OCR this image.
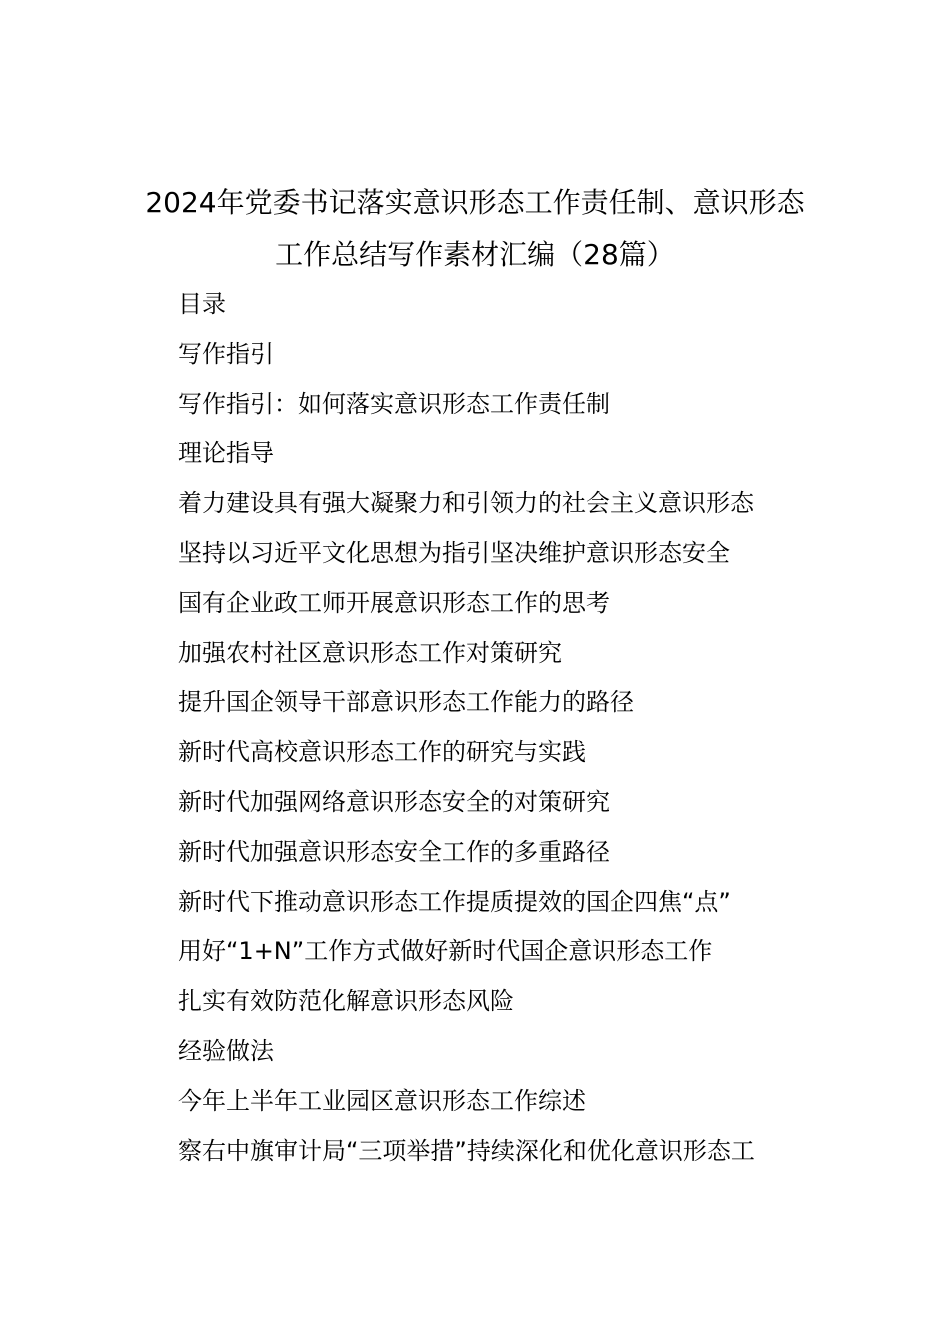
2024年党委书记落实意识形态工作责任制、意识形态
工作总结写作素材汇编（28篇）
目录
写作指引
写作指引：如何落实意识形态工作责任制
理论指导
着力建设具有强大凝聚力和引领力的社会主义意识形态
坚持以习近平文化思想为指引坚决维护意识形态安全
国有企业政工师开展意识形态工作的思考
加强农村社区意识形态工作对策研究
提升国企领导干部意识形态工作能力的路径
新时代高校意识形态工作的研究与实践
新时代加强网络意识形态安全的对策研究
新时代加强意识形态安全工作的多重路径
新时代下推动意识形态工作提质提效的国企四焦“点”
用好“1+N”工作方式做好新时代国企意识形态工作
扎实有效防范化解意识形态风险
经验做法
今年上半年工业园区意识形态工作综述
察右中旗审计局“三项举措”持续深化和优化意识形态工
